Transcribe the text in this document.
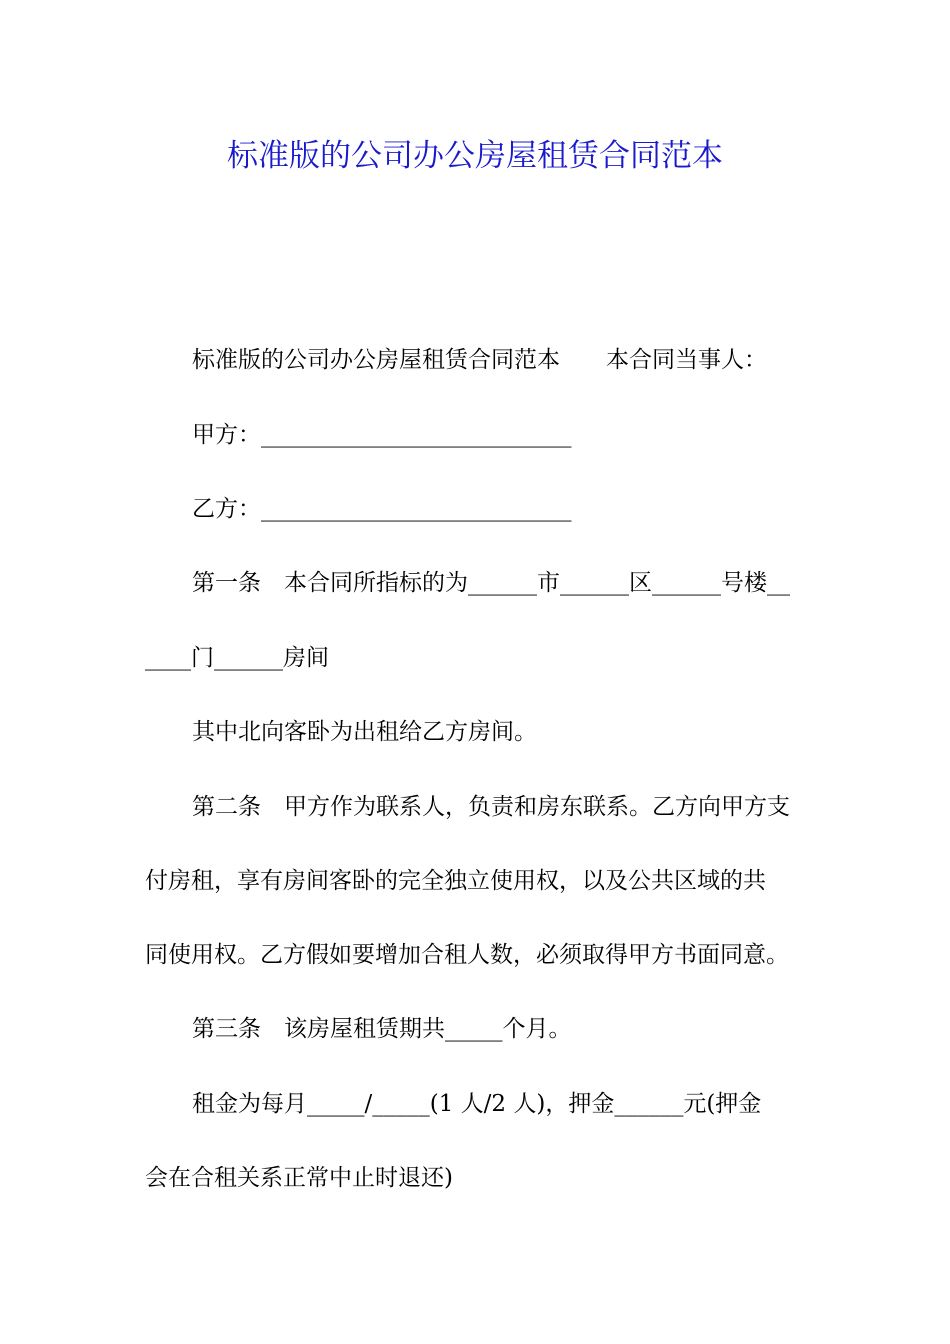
标准版的公司办公房屋租赁合同范本
标准版的公司办公房屋租赁合同范本　　本合同当事人：
甲方：___________________________
乙方：___________________________
第一条　本合同所指标的为______市______区______号楼__
____门______房间
其中北向客卧为出租给乙方房间。
第二条　甲方作为联系人，负责和房东联系。乙方向甲方支
付房租，享有房间客卧的完全独立使用权，以及公共区域的共
同使用权。乙方假如要增加合租人数，必须取得甲方书面同意。
第三条　该房屋租赁期共_____个月。
租金为每月_____/_____(1 人/2 人)，押金______元(押金
会在合租关系正常中止时退还)
